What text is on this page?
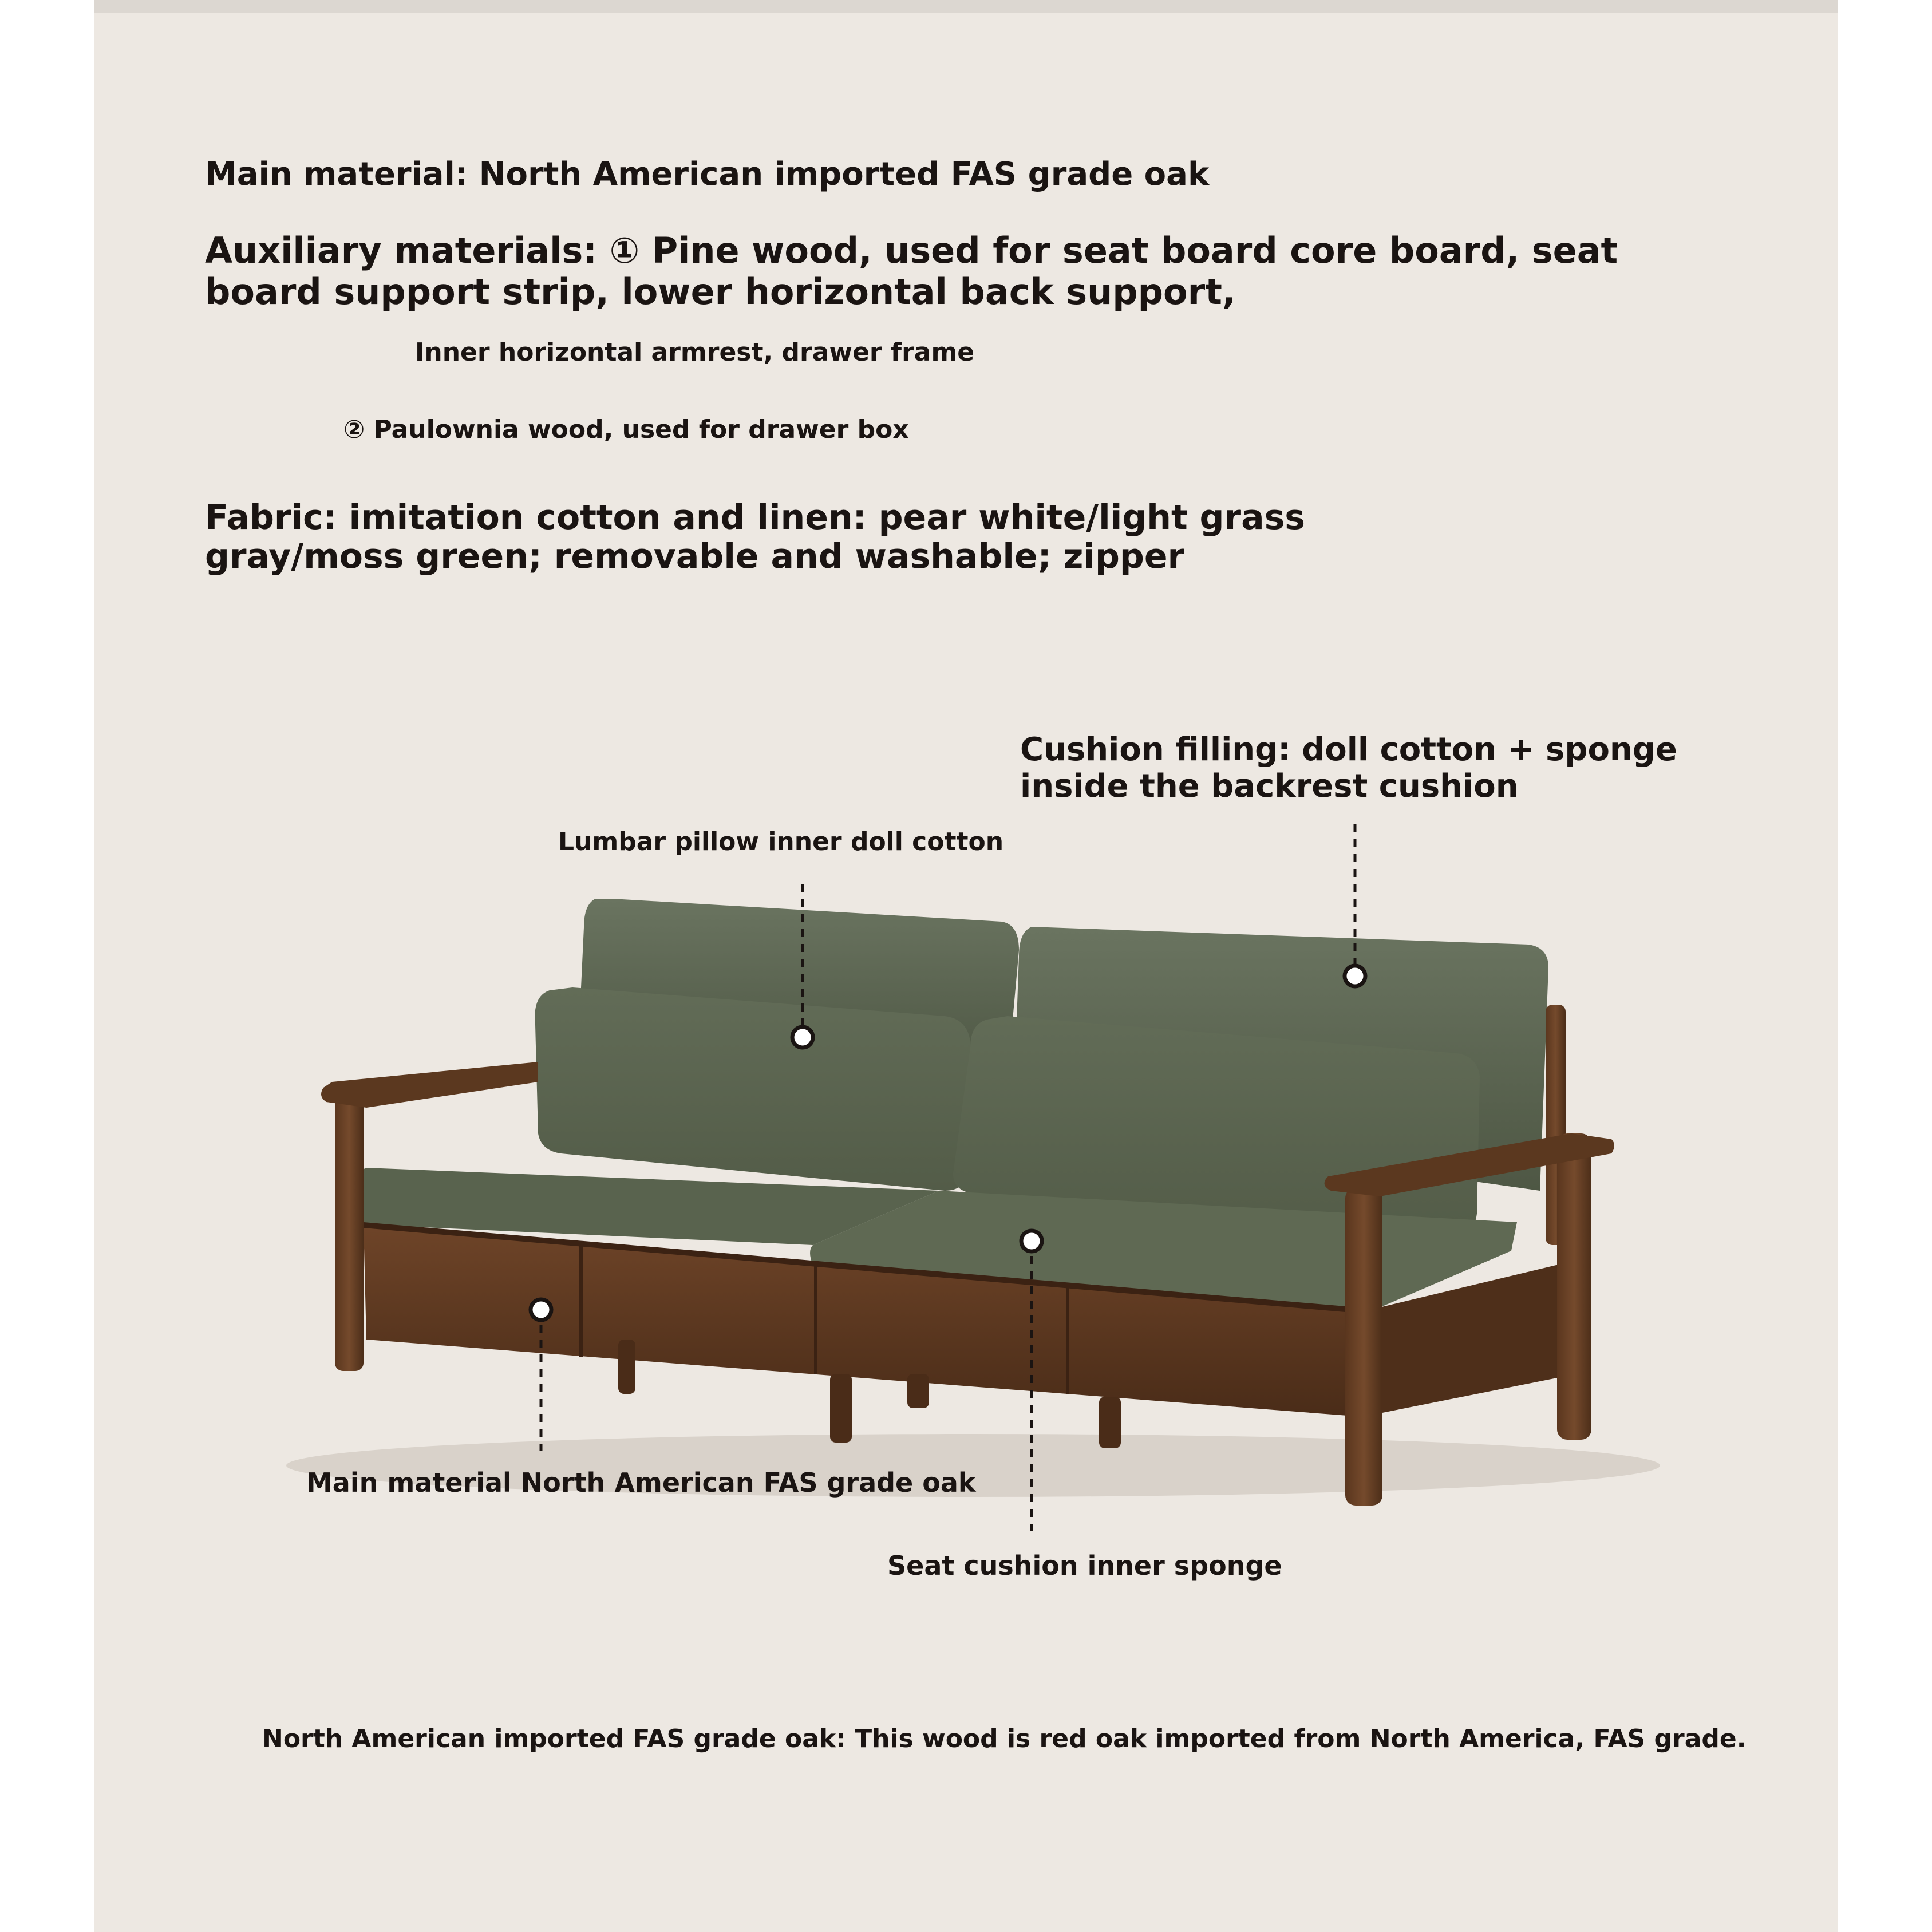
Main material: North American imported FAS grade oak

Auxiliary materials: ① Pine wood, used for seat board core board, seat board support strip, lower horizontal back support,

Inner horizontal armrest, drawer frame

② Paulownia wood, used for drawer box

Fabric: imitation cotton and linen: pear white/light grass gray/moss green; removable and washable; zipper

Cushion filling: doll cotton + sponge inside the backrest cushion

Lumbar pillow inner doll cotton

Main material North American FAS grade oak

Seat cushion inner sponge

North American imported FAS grade oak: This wood is red oak imported from North America, FAS grade.
